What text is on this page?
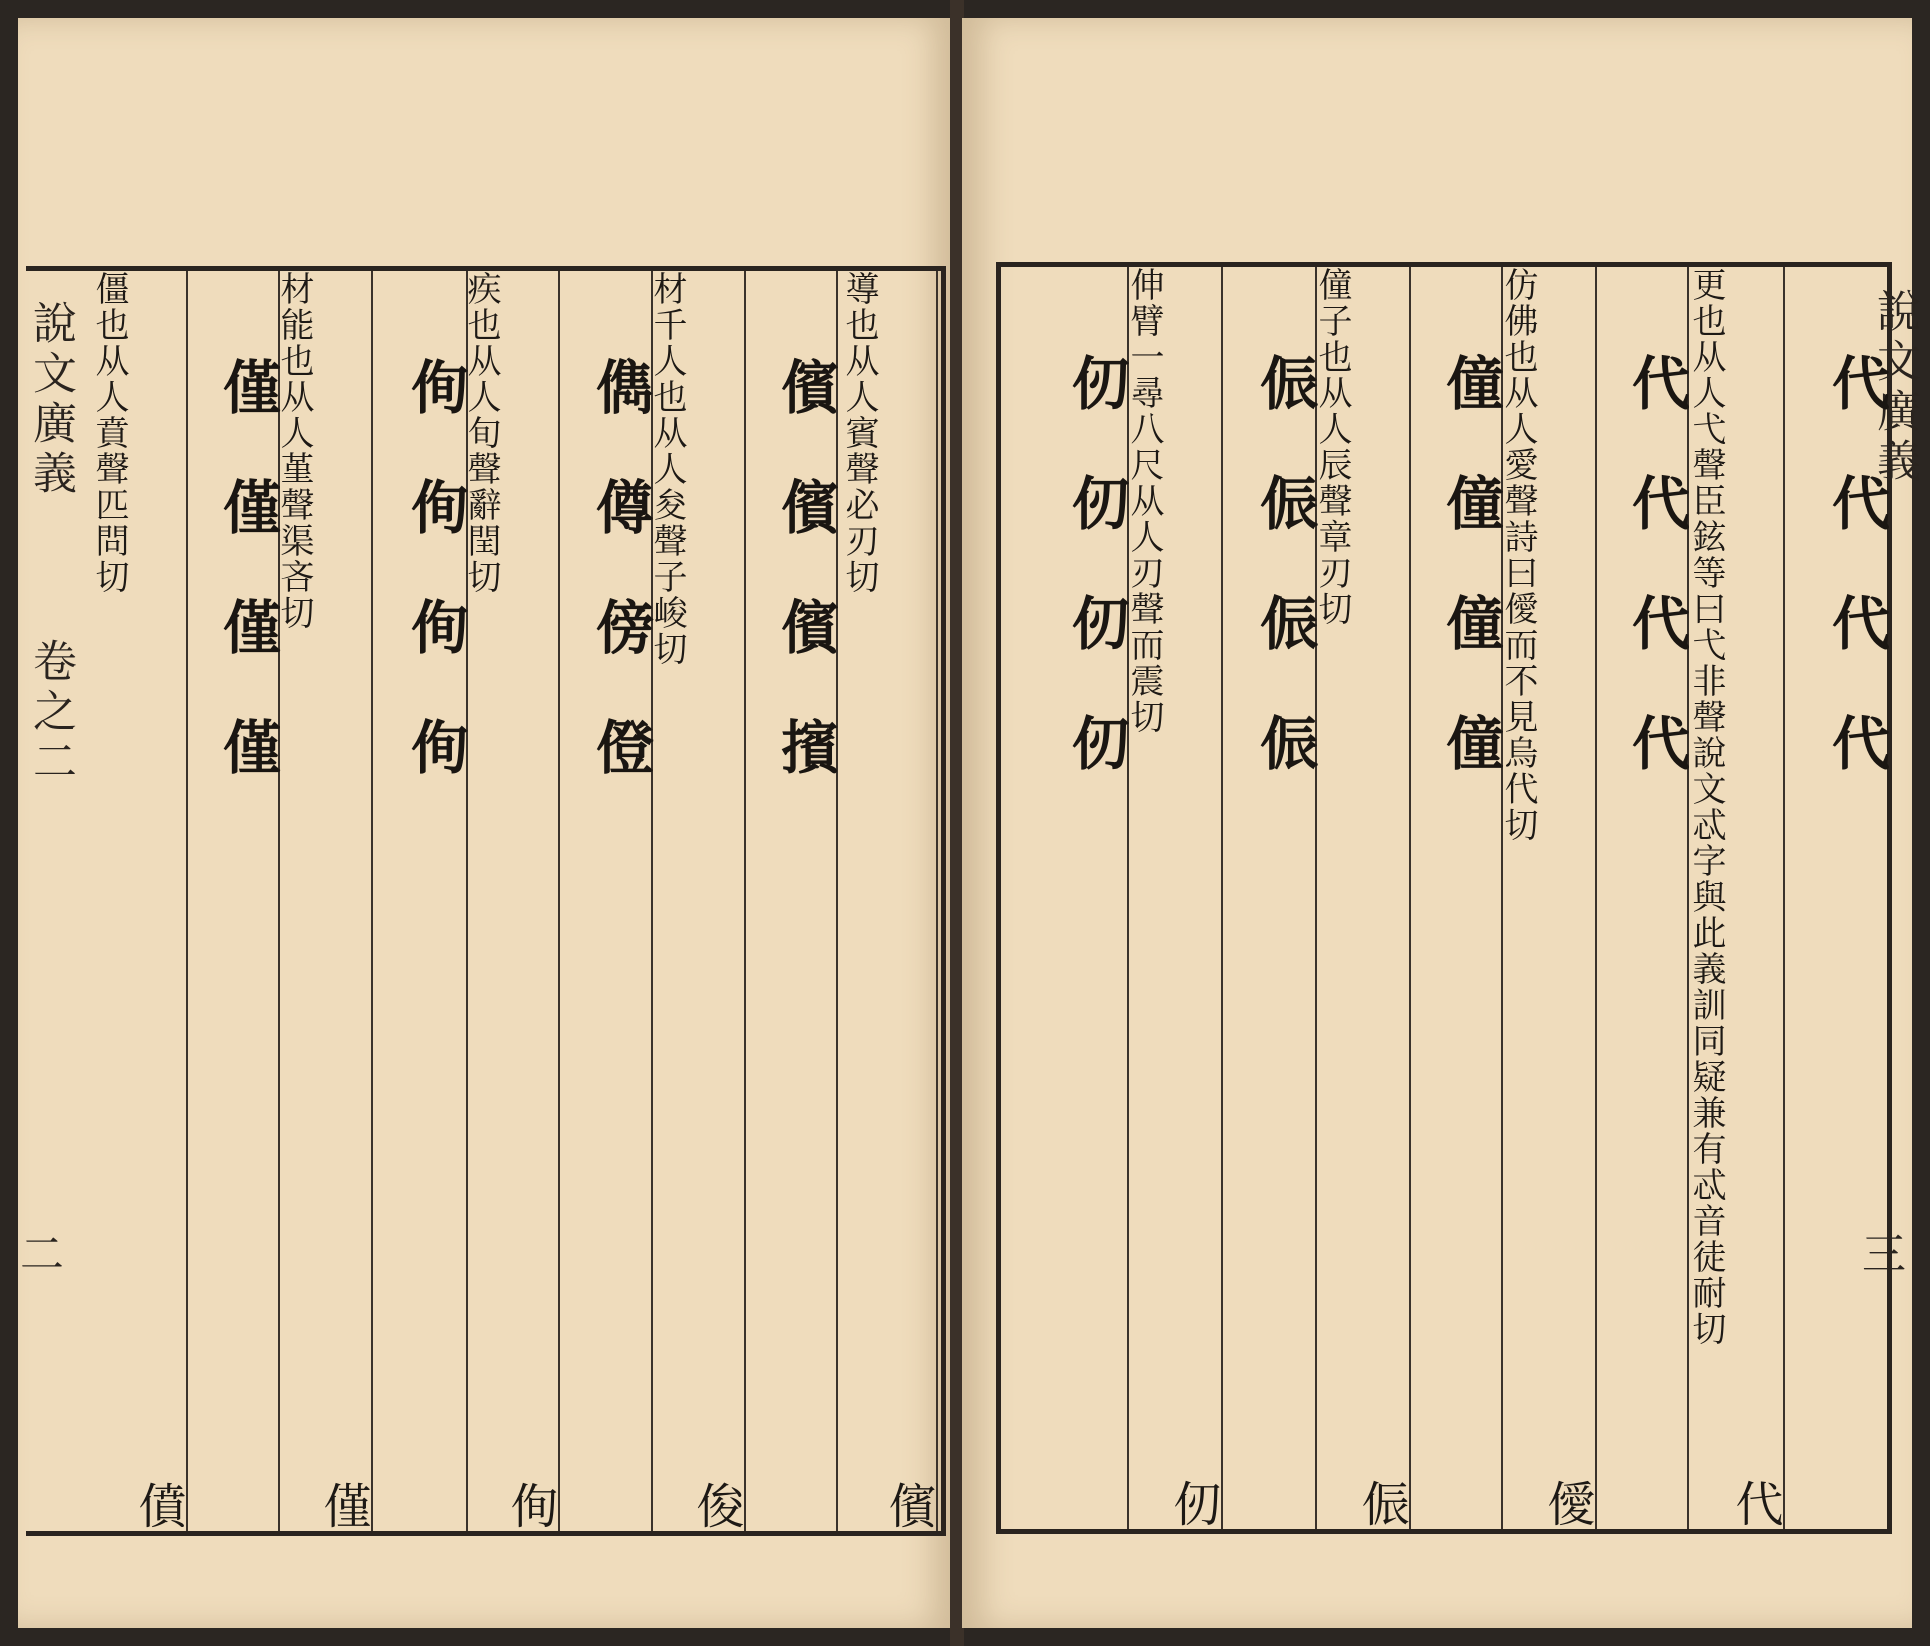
說文廣義
卷之二
二
儐
導也从人賓聲必刃切
儐儐儐擯
俊
材千人也从人夋聲子峻切
儁僔傍僜
侚
疾也从人旬聲辭閏切
侚侚侚侚
僅
材能也从人堇聲渠吝切
僅僅僅僅
僨
僵也从人賁聲匹問切	說文廣義
三
代
更也从人弋聲臣鉉等曰弋非聲說文忒字與此義訓同疑兼有忒音徒耐切 代代代代
代代代代
僾
仿佛也从人愛聲詩曰僾而不見烏代切
僮僮僮僮
侲
僮子也从人辰聲章刃切
侲侲侲侲
仞
伸臂一尋八尺从人刃聲而震切
仞仞仞仞
